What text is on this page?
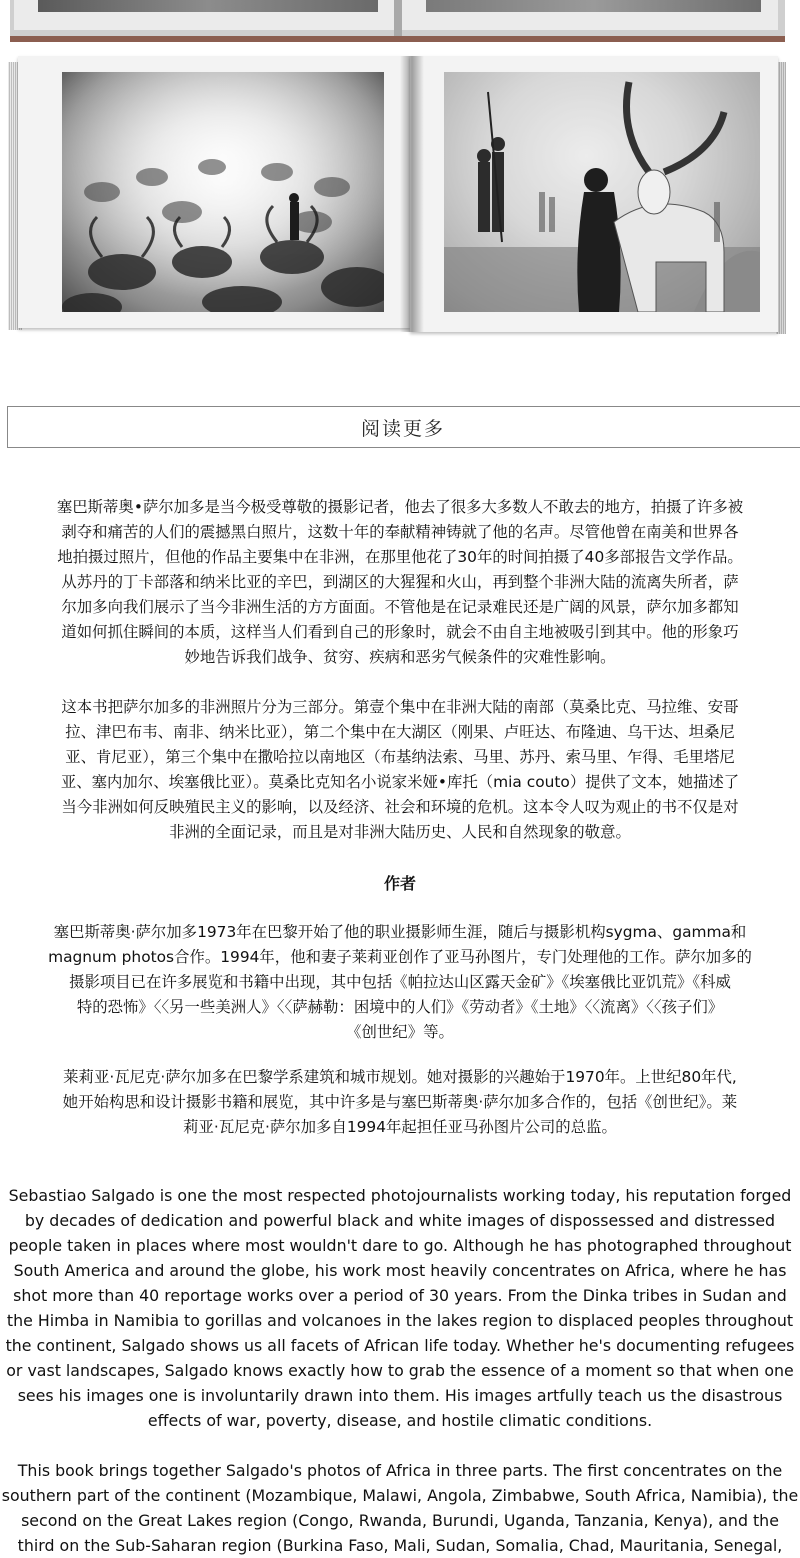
阅读更多
塞巴斯蒂奥•萨尔加多是当今极受尊敬的摄影记者，他去了很多大多数人不敢去的地方，拍摄了许多被
剥夺和痛苦的人们的震撼黑白照片，这数十年的奉献精神铸就了他的名声。尽管他曾在南美和世界各
地拍摄过照片，但他的作品主要集中在非洲，在那里他花了30年的时间拍摄了40多部报告文学作品。
从苏丹的丁卡部落和纳米比亚的辛巴，到湖区的大猩猩和火山，再到整个非洲大陆的流离失所者，萨
尔加多向我们展示了当今非洲生活的方方面面。不管他是在记录难民还是广阔的风景，萨尔加多都知
道如何抓住瞬间的本质，这样当人们看到自己的形象时，就会不由自主地被吸引到其中。他的形象巧
妙地告诉我们战争、贫穷、疾病和恶劣气候条件的灾难性影响。
这本书把萨尔加多的非洲照片分为三部分。第壹个集中在非洲大陆的南部（莫桑比克、马拉维、安哥
拉、津巴布韦、南非、纳米比亚），第二个集中在大湖区（刚果、卢旺达、布隆迪、乌干达、坦桑尼
亚、肯尼亚），第三个集中在撒哈拉以南地区（布基纳法索、马里、苏丹、索马里、乍得、毛里塔尼
亚、塞内加尔、埃塞俄比亚）。莫桑比克知名小说家米娅•库托（mia couto）提供了文本，她描述了
当今非洲如何反映殖民主义的影响，以及经济、社会和环境的危机。这本令人叹为观止的书不仅是对
非洲的全面记录，而且是对非洲大陆历史、人民和自然现象的敬意。
作者
塞巴斯蒂奥·萨尔加多1973年在巴黎开始了他的职业摄影师生涯，随后与摄影机构sygma、gamma和
magnum photos合作。1994年，他和妻子莱莉亚创作了亚马孙图片，专门处理他的工作。萨尔加多的
摄影项目已在许多展览和书籍中出现，其中包括《帕拉达山区露天金矿》《埃塞俄比亚饥荒》《科威
特的恐怖》〈〈另一些美洲人》〈〈萨赫勒：困境中的人们》《劳动者》《土地》〈〈流离》〈〈孩子们》
《创世纪》等。
莱莉亚·瓦尼克·萨尔加多在巴黎学系建筑和城市规划。她对摄影的兴趣始于1970年。上世纪80年代,
她开始构思和设计摄影书籍和展览，其中许多是与塞巴斯蒂奥·萨尔加多合作的，包括《创世纪》。莱
莉亚·瓦尼克·萨尔加多自1994年起担任亚马孙图片公司的总监。
Sebastiao Salgado is one the most respected photojournalists working today, his reputation forged
by decades of dedication and powerful black and white images of dispossessed and distressed
people taken in places where most wouldn't dare to go. Although he has photographed throughout
South America and around the globe, his work most heavily concentrates on Africa, where he has
shot more than 40 reportage works over a period of 30 years. From the Dinka tribes in Sudan and
the Himba in Namibia to gorillas and volcanoes in the lakes region to displaced peoples throughout
the continent, Salgado shows us all facets of African life today. Whether he's documenting refugees
or vast landscapes, Salgado knows exactly how to grab the essence of a moment so that when one
sees his images one is involuntarily drawn into them. His images artfully teach us the disastrous
effects of war, poverty, disease, and hostile climatic conditions.
This book brings together Salgado's photos of Africa in three parts. The first concentrates on the
southern part of the continent (Mozambique, Malawi, Angola, Zimbabwe, South Africa, Namibia), the
second on the Great Lakes region (Congo, Rwanda, Burundi, Uganda, Tanzania, Kenya), and the
third on the Sub-Saharan region (Burkina Faso, Mali, Sudan, Somalia, Chad, Mauritania, Senegal,
